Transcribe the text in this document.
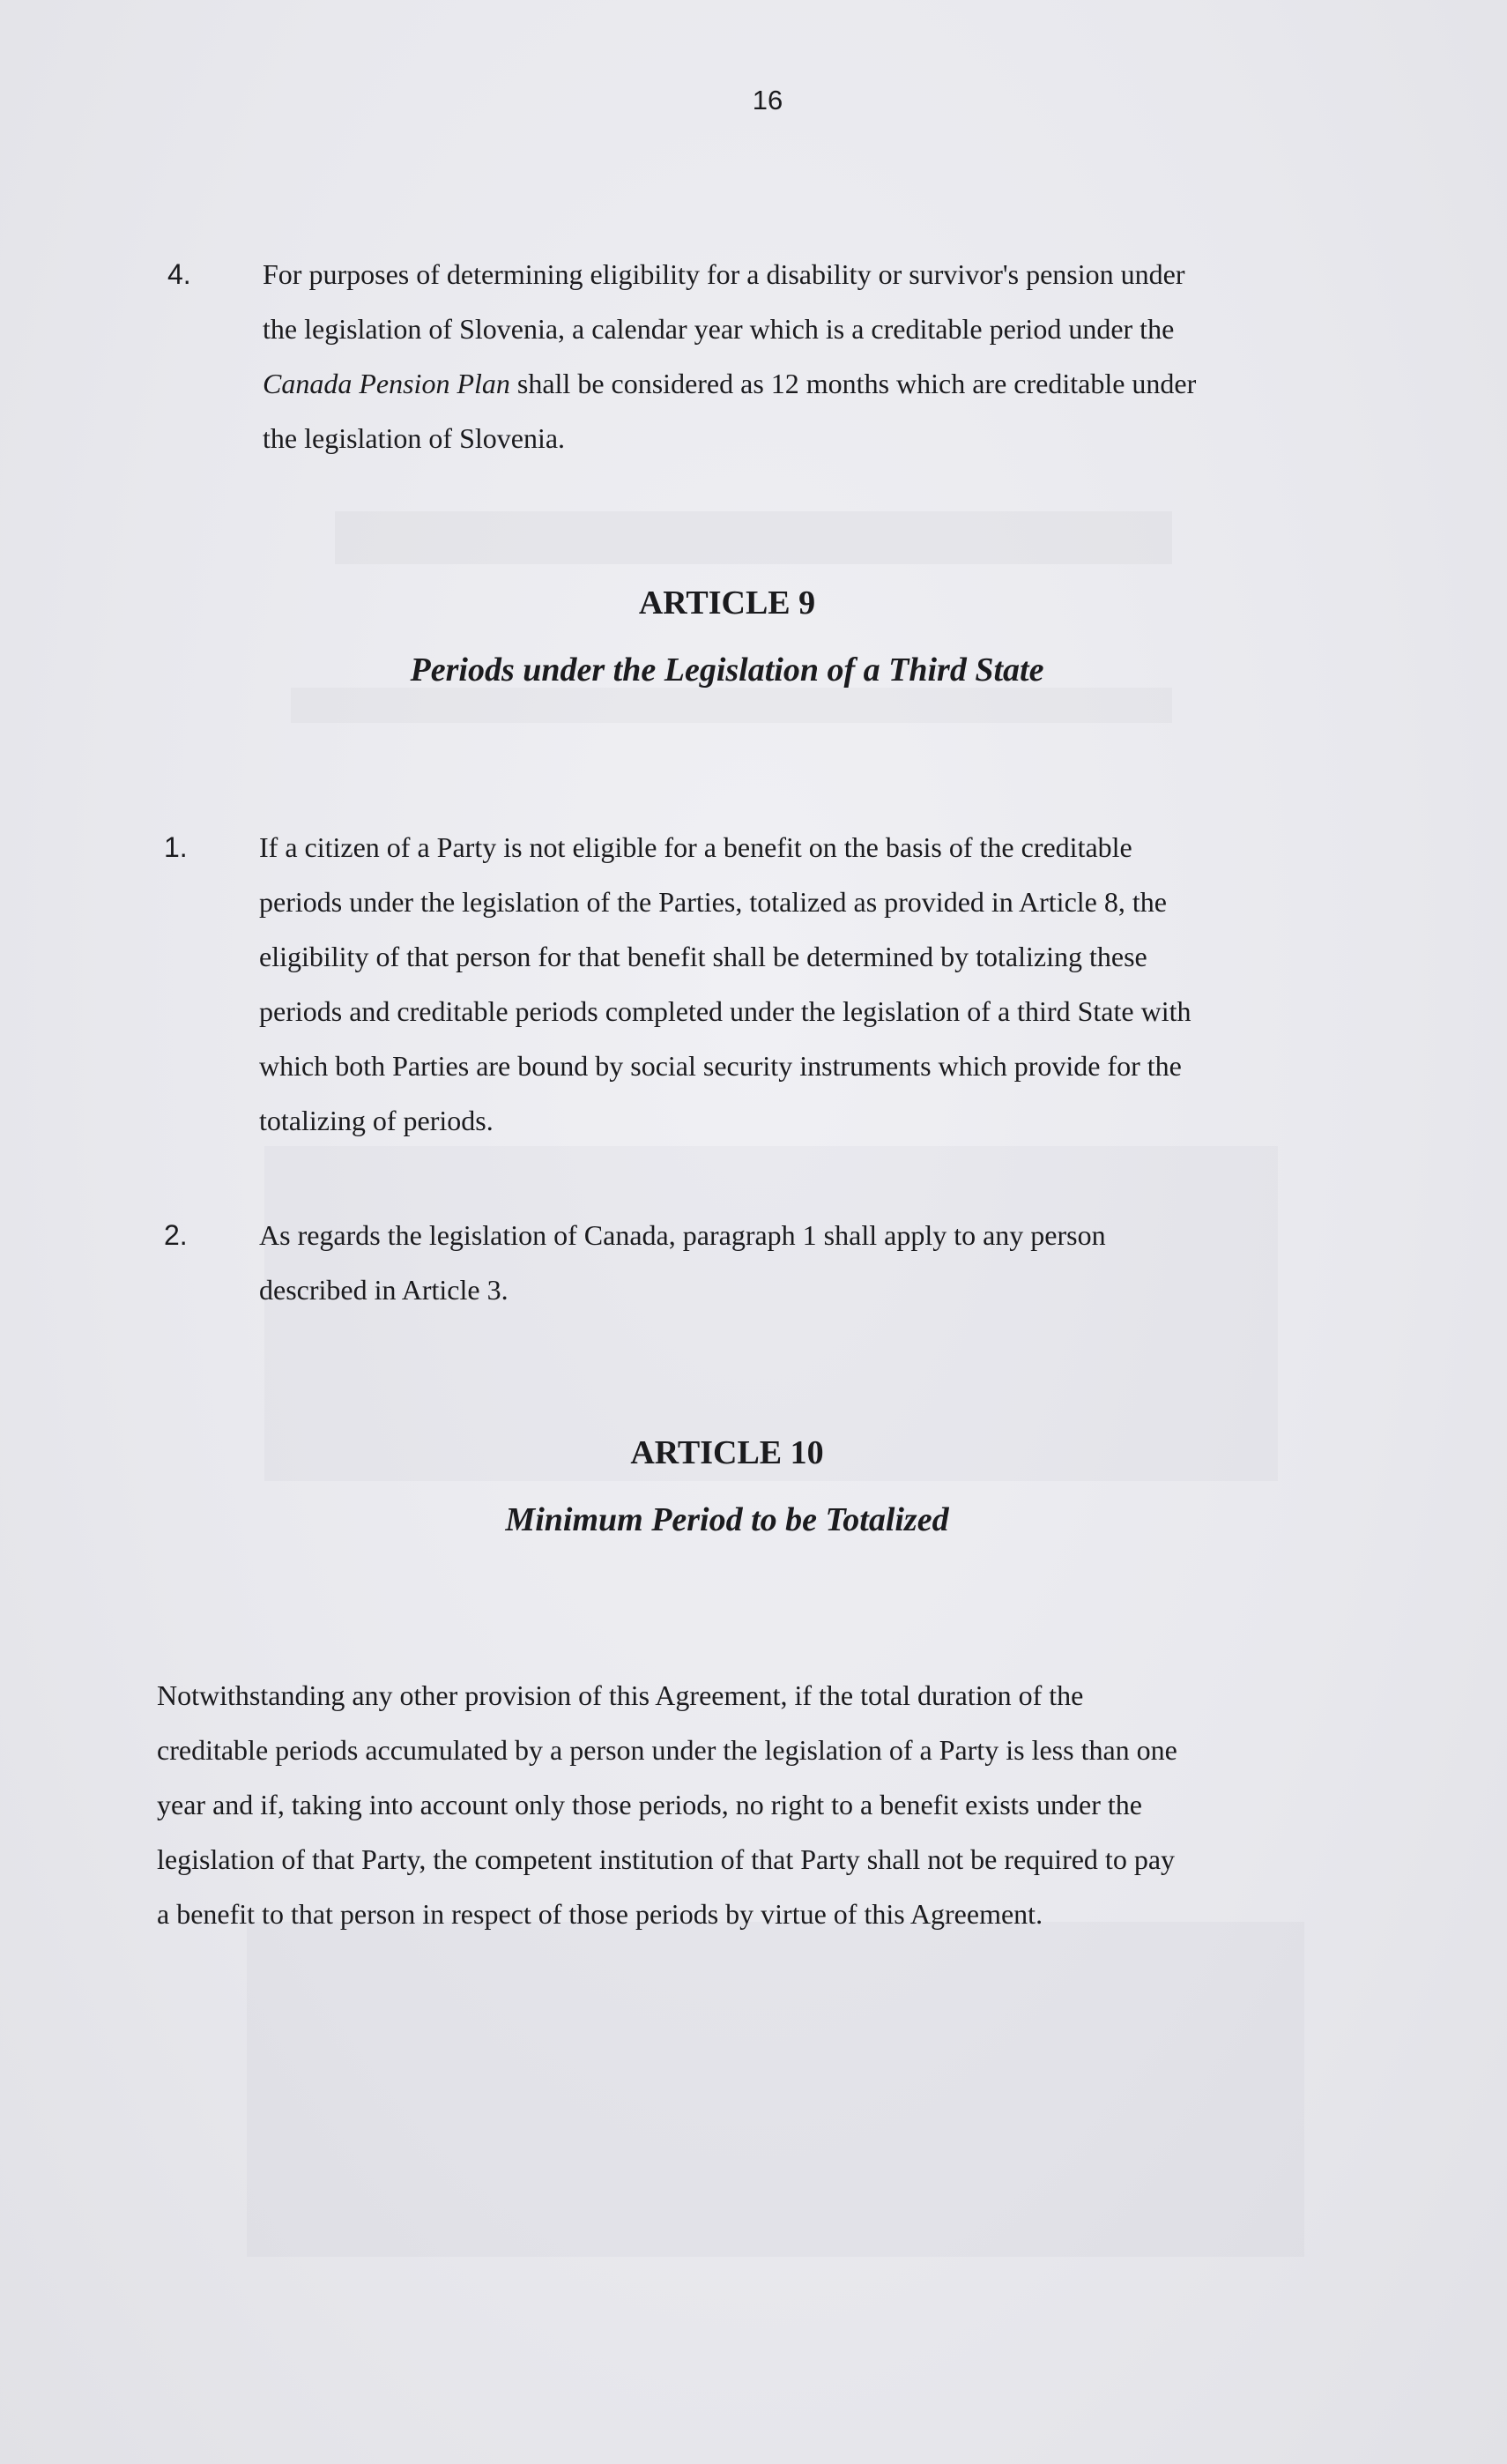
16
4.	For purposes of determining eligibility for a disability or survivor's pension under
the legislation of Slovenia, a calendar year which is a creditable period under the
Canada Pension Plan shall be considered as 12 months which are creditable under
the legislation of Slovenia.
ARTICLE 9
Periods under the Legislation of a Third State
1.	If a citizen of a Party is not eligible for a benefit on the basis of the creditable
periods under the legislation of the Parties, totalized as provided in Article 8, the
eligibility of that person for that benefit shall be determined by totalizing these
periods and creditable periods completed under the legislation of a third State with
which both Parties are bound by social security instruments which provide for the
totalizing of periods.
2.	As regards the legislation of Canada, paragraph 1 shall apply to any person
described in Article 3.
ARTICLE 10
Minimum Period to be Totalized
Notwithstanding any other provision of this Agreement, if the total duration of the
creditable periods accumulated by a person under the legislation of a Party is less than one
year and if, taking into account only those periods, no right to a benefit exists under the
legislation of that Party, the competent institution of that Party shall not be required to pay
a benefit to that person in respect of those periods by virtue of this Agreement.
